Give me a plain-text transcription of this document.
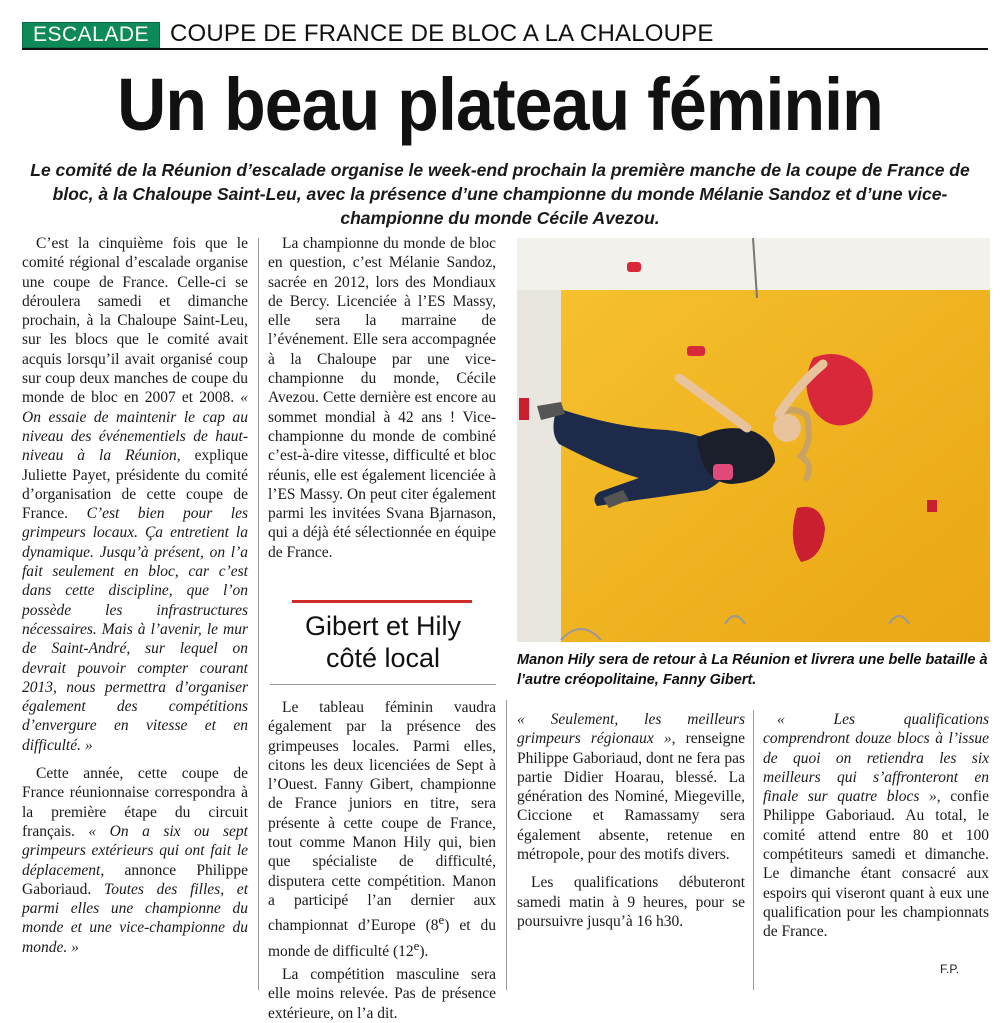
ESCALADE COUPE DE FRANCE DE BLOC A LA CHALOUPE
Un beau plateau féminin
Le comité de la Réunion d’escalade organise le week-end prochain la première manche de la coupe de France de bloc, à la Chaloupe Saint-Leu, avec la présence d’une championne du monde Mélanie Sandoz et d’une vice-championne du monde Cécile Avezou.

C’est la cinquième fois que le comité régional d’escalade organise une coupe de France. Celle-ci se déroulera samedi et dimanche prochain, à la Chaloupe Saint-Leu, sur les blocs que le comité avait acquis lorsqu’il avait organisé coup sur coup deux manches de coupe du monde de bloc en 2007 et 2008. « On essaie de maintenir le cap au niveau des événementiels de haut-niveau à la Réunion, explique Juliette Payet, présidente du comité d’organisation de cette coupe de France. C’est bien pour les grimpeurs locaux. Ça entretient la dynamique. Jusqu’à présent, on l’a fait seulement en bloc, car c’est dans cette discipline, que l’on possède les infrastructures nécessaires. Mais à l’avenir, le mur de Saint-André, sur lequel on devrait pouvoir compter courant 2013, nous permettra d’organiser également des compétitions d’envergure en vitesse et en difficulté. »

Cette année, cette coupe de France réunionnaise correspondra à la première étape du circuit français. « On a six ou sept grimpeurs extérieurs qui ont fait le déplacement, annonce Philippe Gaboriaud. Toutes des filles, et parmi elles une championne du monde et une vice-championne du monde. »

La championne du monde de bloc en question, c’est Mélanie Sandoz, sacrée en 2012, lors des Mondiaux de Bercy. Licenciée à l’ES Massy, elle sera la marraine de l’événement. Elle sera accompagnée à la Chaloupe par une vice-championne du monde, Cécile Avezou. Cette dernière est encore au sommet mondial à 42 ans ! Vice-championne du monde de combiné c’est-à-dire vitesse, difficulté et bloc réunis, elle est également licenciée à l’ES Massy. On peut citer également parmi les invitées Svana Bjarnason, qui a déjà été sélectionnée en équipe de France.

Gibert et Hily
côté local

Le tableau féminin vaudra également par la présence des grimpeuses locales. Parmi elles, citons les deux licenciées de Sept à l’Ouest. Fanny Gibert, championne de France juniors en titre, sera présente à cette coupe de France, tout comme Manon Hily qui, bien que spécialiste de difficulté, disputera cette compétition. Manon a participé l’an dernier aux championnat d’Europe (8e) et du monde de difficulté (12e).

La compétition masculine sera elle moins relevée. Pas de présence extérieure, on l’a dit.

« Seulement, les meilleurs grimpeurs régionaux », renseigne Philippe Gaboriaud, dont ne fera pas partie Didier Hoarau, blessé. La génération des Nominé, Miegeville, Ciccione et Ramassamy sera également absente, retenue en métropole, pour des motifs divers.

Les qualifications débuteront samedi matin à 9 heures, pour se poursuivre jusqu’à 16 h30.

« Les qualifications comprendront douze blocs à l’issue de quoi on retiendra les six meilleurs qui s’affronteront en finale sur quatre blocs », confie Philippe Gaboriaud. Au total, le comité attend entre 80 et 100 compétiteurs samedi et dimanche. Le dimanche étant consacré aux espoirs qui viseront quant à eux une qualification pour les championnats de France.

F.P.
Manon Hily sera de retour à La Réunion et livrera une belle bataille à l’autre créopolitaine, Fanny Gibert.
